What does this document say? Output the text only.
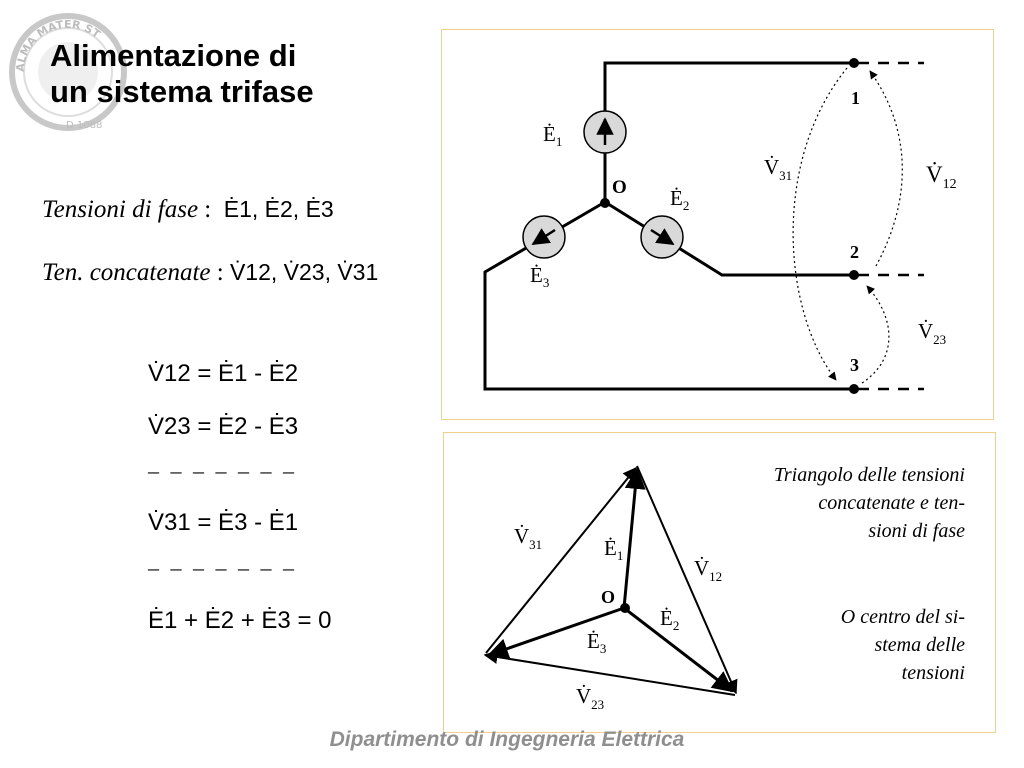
ALMA MATER ST
D 1088
Alimentazione di
un sistema trifase
Tensioni di fase : Ė1, Ė2, Ė3
Ten. concatenate : V̇12, V̇23, V̇31
V̇12 = Ė1 - Ė2
V̇23 = Ė2 - Ė3
– – – – – – –
V̇31 = Ė3 - Ė1
– – – – – – –
Ė1 + Ė2 + Ė3 = 0
$Ė_1$
$Ė_2$
$Ė_3$
$V̇_{31}$	$V̇_{12}$
$V̇_{23}$
O
1
2
3
$V̇_{31}$
$V̇_{12}$
$V̇_{23}$
$Ė_1$
$Ė_2$
$Ė_3$
O
Triangolo delle tensioni
concatenate e ten-
sioni di fase
O centro del si-
stema delle
tensioni
Dipartimento di Ingegneria Elettrica
